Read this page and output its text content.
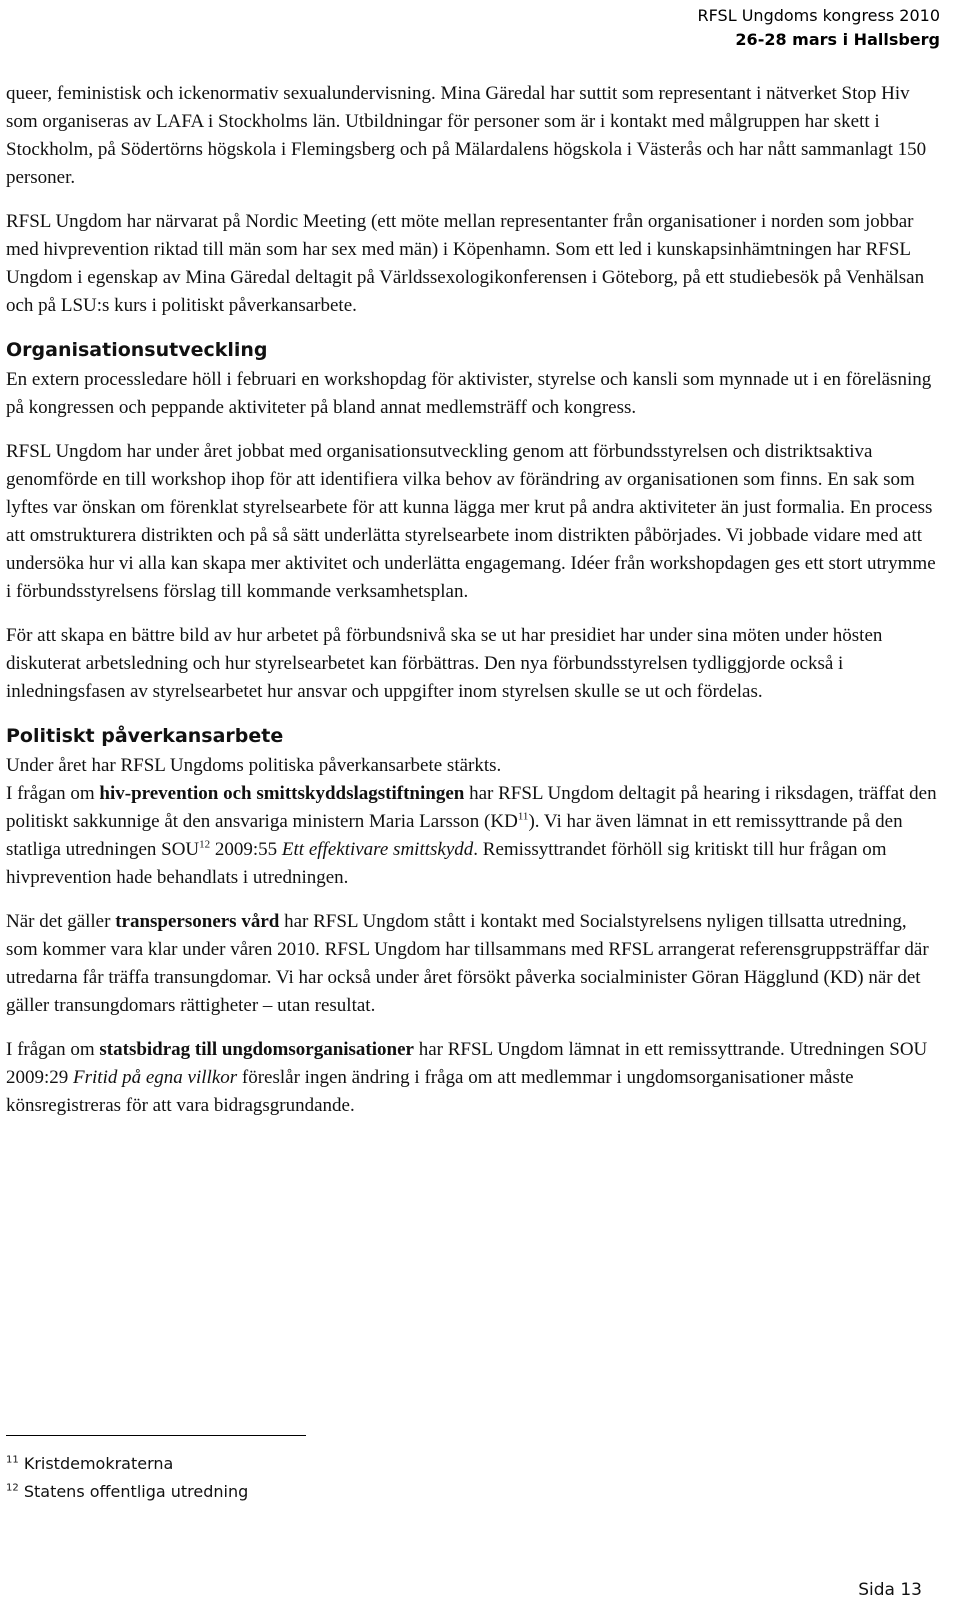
RFSL Ungdoms kongress 2010
26-28 mars i Hallsberg

queer, feministisk och ickenormativ sexualundervisning. Mina Gäredal har suttit som representant i nätverket Stop Hiv som organiseras av LAFA i Stockholms län. Utbildningar för personer som är i kontakt med målgruppen har skett i Stockholm, på Södertörns högskola i Flemingsberg och på Mälardalens högskola i Västerås och har nått sammanlagt 150 personer.

RFSL Ungdom har närvarat på Nordic Meeting (ett möte mellan representanter från organisationer i norden som jobbar med hivprevention riktad till män som har sex med män) i Köpenhamn. Som ett led i kunskapsinhämtningen har RFSL Ungdom i egenskap av Mina Gäredal deltagit på Världssexologikonferensen i Göteborg, på ett studiebesök på Venhälsan och på LSU:s kurs i politiskt påverkansarbete.

Organisationsutveckling

En extern processledare höll i februari en workshopdag för aktivister, styrelse och kansli som mynnade ut i en föreläsning på kongressen och peppande aktiviteter på bland annat medlemsträff och kongress.

RFSL Ungdom har under året jobbat med organisationsutveckling genom att förbundsstyrelsen och distriktsaktiva genomförde en till workshop ihop för att identifiera vilka behov av förändring av organisationen som finns. En sak som lyftes var önskan om förenklat styrelsearbete för att kunna lägga mer krut på andra aktiviteter än just formalia. En process att omstrukturera distrikten och på så sätt underlätta styrelsearbete inom distrikten påbörjades. Vi jobbade vidare med att undersöka hur vi alla kan skapa mer aktivitet och underlätta engagemang. Idéer från workshopdagen ges ett stort utrymme i förbundsstyrelsens förslag till kommande verksamhetsplan.

För att skapa en bättre bild av hur arbetet på förbundsnivå ska se ut har presidiet har under sina möten under hösten diskuterat arbetsledning och hur styrelsearbetet kan förbättras. Den nya förbundsstyrelsen tydliggjorde också i inledningsfasen av styrelsearbetet hur ansvar och uppgifter inom styrelsen skulle se ut och fördelas.

Politiskt påverkansarbete

Under året har RFSL Ungdoms politiska påverkansarbete stärkts.

I frågan om hiv-prevention och smittskyddslagstiftningen har RFSL Ungdom deltagit på hearing i riksdagen, träffat den politiskt sakkunnige åt den ansvariga ministern Maria Larsson (KD$^{11}$). Vi har även lämnat in ett remissyttrande på den statliga utredningen SOU$^{12}$ 2009:55 Ett effektivare smittskydd. Remissyttrandet förhöll sig kritiskt till hur frågan om hivprevention hade behandlats i utredningen.

När det gäller transpersoners vård har RFSL Ungdom stått i kontakt med Socialstyrelsens nyligen tillsatta utredning, som kommer vara klar under våren 2010. RFSL Ungdom har tillsammans med RFSL arrangerat referensgruppsträffar där utredarna får träffa transungdomar. Vi har också under året försökt påverka socialminister Göran Hägglund (KD) när det gäller transungdomars rättigheter – utan resultat.

I frågan om statsbidrag till ungdomsorganisationer har RFSL Ungdom lämnat in ett remissyttrande. Utredningen SOU 2009:29 Fritid på egna villkor föreslår ingen ändring i fråga om att medlemmar i ungdomsorganisationer måste könsregistreras för att vara bidragsgrundande.

$^{11}$ Kristdemokraterna
$^{12}$ Statens offentliga utredning
Sida 13
